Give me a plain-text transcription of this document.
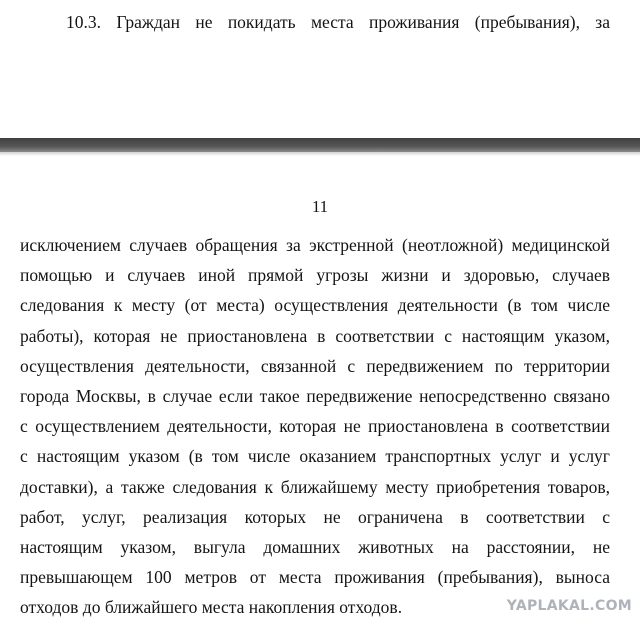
10.3. Граждан не покидать места проживания (пребывания), за
11
исключением случаев обращения за экстренной (неотложной) медицинской
помощью и случаев иной прямой угрозы жизни и здоровью, случаев
следования к месту (от места) осуществления деятельности (в том числе
работы), которая не приостановлена в соответствии с настоящим указом,
осуществления деятельности, связанной с передвижением по территории
города Москвы, в случае если такое передвижение непосредственно связано
с осуществлением деятельности, которая не приостановлена в соответствии
с настоящим указом (в том числе оказанием транспортных услуг и услуг
доставки), а также следования к ближайшему месту приобретения товаров,
работ, услуг, реализация которых не ограничена в соответствии с
настоящим указом, выгула домашних животных на расстоянии, не
превышающем 100 метров от места проживания (пребывания), выноса
отходов до ближайшего места накопления отходов.	YAPLAKAL.COM
